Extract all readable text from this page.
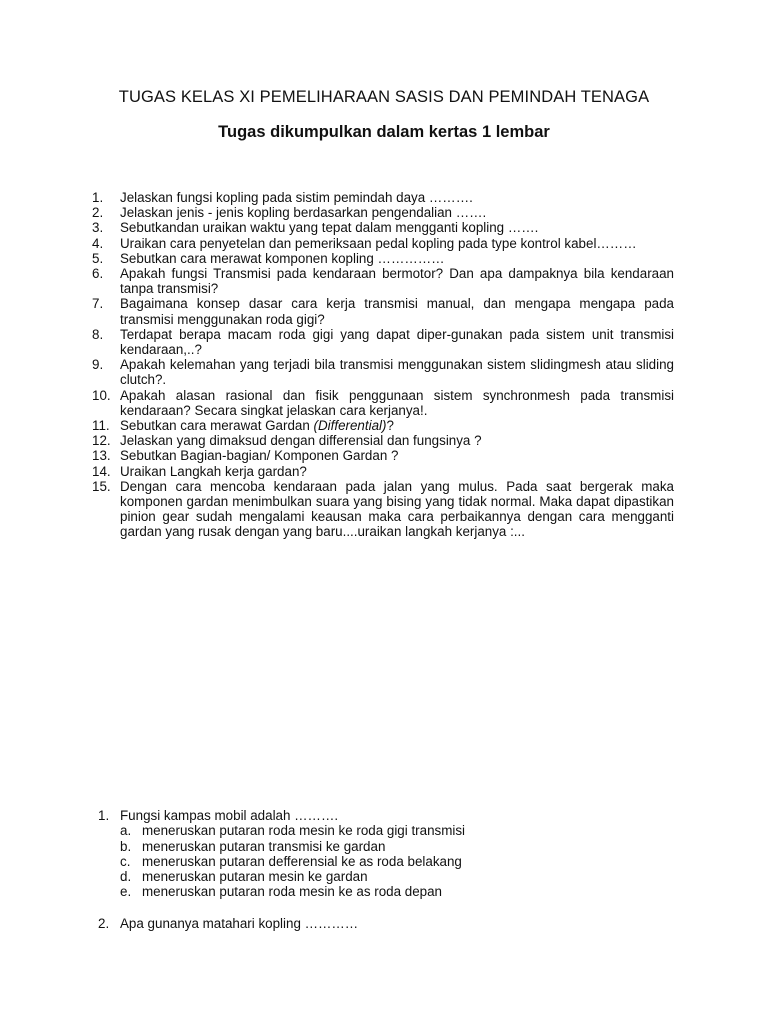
TUGAS KELAS XI PEMELIHARAAN SASIS DAN PEMINDAH TENAGA
Tugas dikumpulkan dalam kertas 1 lembar
1. Jelaskan fungsi kopling pada sistim pemindah daya ……….
2. Jelaskan jenis - jenis kopling berdasarkan pengendalian …….
3. Sebutkandan uraikan waktu yang tepat dalam mengganti kopling …….
4. Uraikan cara penyetelan dan pemeriksaan pedal kopling pada type kontrol kabel………
5. Sebutkan cara merawat komponen kopling ……………
6. Apakah fungsi Transmisi pada kendaraan bermotor? Dan apa dampaknya bila kendaraan tanpa transmisi?
7. Bagaimana konsep dasar cara kerja transmisi manual, dan mengapa mengapa pada transmisi menggunakan roda gigi?
8. Terdapat berapa macam roda gigi yang dapat diper-gunakan pada sistem unit transmisi kendaraan,..?
9. Apakah kelemahan yang terjadi bila transmisi menggunakan sistem slidingmesh atau sliding clutch?.
10. Apakah alasan rasional dan fisik penggunaan sistem synchronmesh pada transmisi kendaraan? Secara singkat jelaskan cara kerjanya!.
11. Sebutkan cara merawat Gardan (Differential)?
12. Jelaskan yang dimaksud dengan differensial dan fungsinya ?
13. Sebutkan Bagian-bagian/ Komponen Gardan ?
14. Uraikan Langkah kerja gardan?
15. Dengan cara mencoba kendaraan pada jalan yang mulus. Pada saat bergerak maka komponen gardan menimbulkan suara yang bising yang tidak normal. Maka dapat dipastikan pinion gear sudah mengalami keausan maka cara perbaikannya dengan cara mengganti gardan yang rusak dengan yang baru....uraikan langkah kerjanya :...
1. Fungsi kampas mobil adalah ……….
a. meneruskan putaran roda mesin ke roda gigi transmisi
b. meneruskan putaran transmisi ke gardan
c. meneruskan putaran defferensial ke as roda belakang
d. meneruskan putaran mesin ke gardan
e. meneruskan putaran roda mesin ke as roda depan
2. Apa gunanya matahari kopling …………
